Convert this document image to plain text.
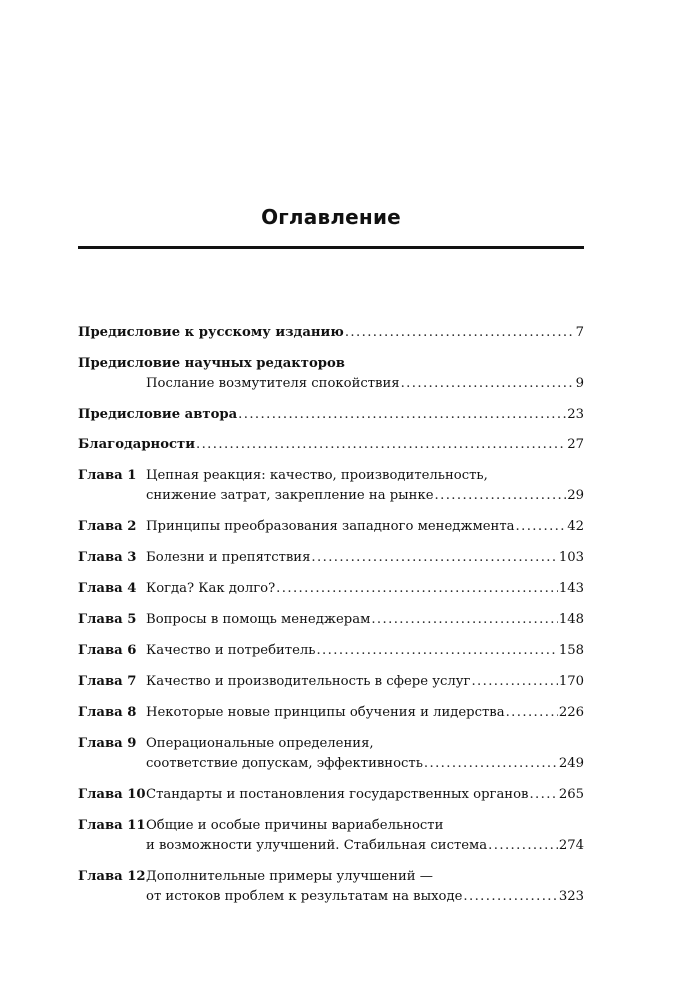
Оглавление
Предисловие к русскому изданию .....	7
Предисловие научных редакторов
Послание возмутителя спокойствия .....	9
Предисловие автора .....	23
Благодарности .....	27
Глава 1 Цепная реакция: качество, производительность,
снижение затрат, закрепление на рынке .....	29
Глава 2 Принципы преобразования западного менеджмента .....	42
Глава 3 Болезни и препятствия .....	103
Глава 4 Когда? Как долго? .....	143
Глава 5 Вопросы в помощь менеджерам .....	148
Глава 6 Качество и потребитель .....	158
Глава 7 Качество и производительность в сфере услуг .....	170
Глава 8 Некоторые новые принципы обучения и лидерства .....	226
Глава 9 Операциональные определения,
соответствие допускам, эффективность .....	249
Глава 10 Стандарты и постановления государственных органов ..... 265
Глава 11 Общие и особые причины вариабельности
и возможности улучшений. Стабильная система .....	274
Глава 12 Дополнительные примеры улучшений —
от истоков проблем к результатам на выходе .....	323
